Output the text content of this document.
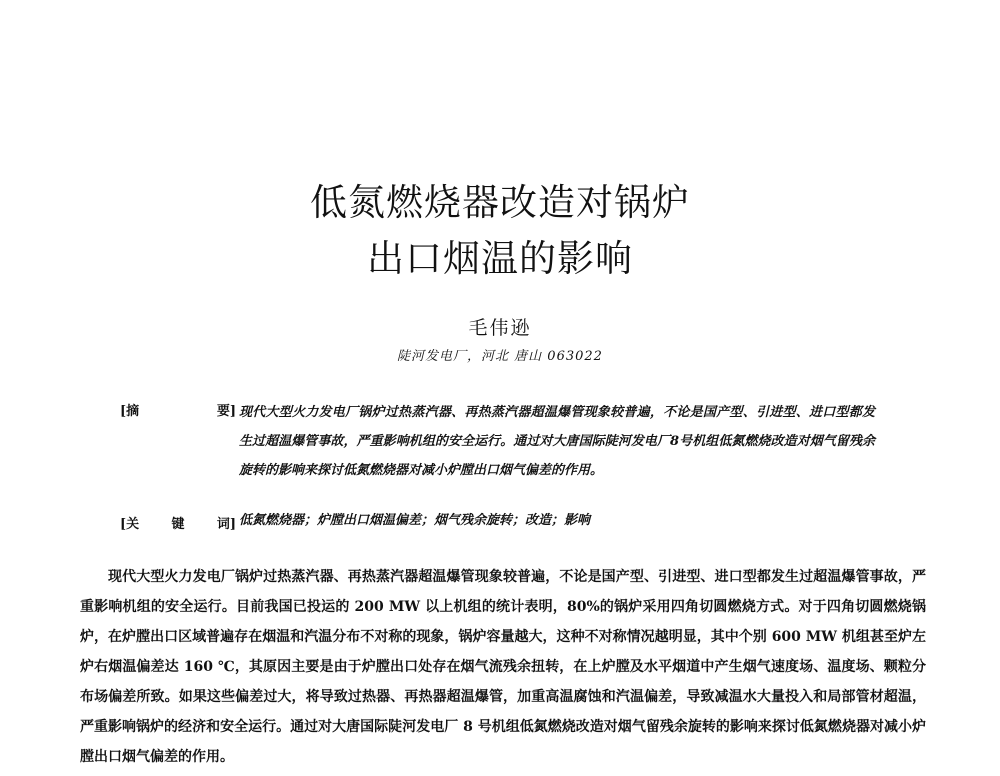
低氮燃烧器改造对锅炉
出口烟温的影响
毛伟逊
陡河发电厂，河北 唐山 063022
[摘	要] 现代大型火力发电厂锅炉过热蒸汽器、再热蒸汽器超温爆管现象较普遍，不论是国产型、引进型、进口型都发生过超温爆管事故，严重影响机组的安全运行。通过对大唐国际陡河发电厂8号机组低氮燃烧改造对烟气留残余旋转的影响来探讨低氮燃烧器对减小炉膛出口烟气偏差的作用。
[关 键 词] 低氮燃烧器；炉膛出口烟温偏差；烟气残余旋转；改造；影响

现代大型火力发电厂锅炉过热蒸汽器、再热蒸汽器超温爆管现象较普遍，不论是国产型、引进型、进口型都发生过超温爆管事故，严重影响机组的安全运行。目前我国已投运的 200 MW 以上机组的统计表明，80%的锅炉采用四角切圆燃烧方式。对于四角切圆燃烧锅炉，在炉膛出口区域普遍存在烟温和汽温分布不对称的现象，锅炉容量越大，这种不对称情况越明显，其中个别 600 MW 机组甚至炉左炉右烟温偏差达 160 ℃，其原因主要是由于炉膛出口处存在烟气流残余扭转，在上炉膛及水平烟道中产生烟气速度场、温度场、颗粒分布场偏差所致。如果这些偏差过大，将导致过热器、再热器超温爆管，加重高温腐蚀和汽温偏差，导致减温水大量投入和局部管材超温，严重影响锅炉的经济和安全运行。通过对大唐国际陡河发电厂 8 号机组低氮燃烧改造对烟气留残余旋转的影响来探讨低氮燃烧器对减小炉膛出口烟气偏差的作用。
